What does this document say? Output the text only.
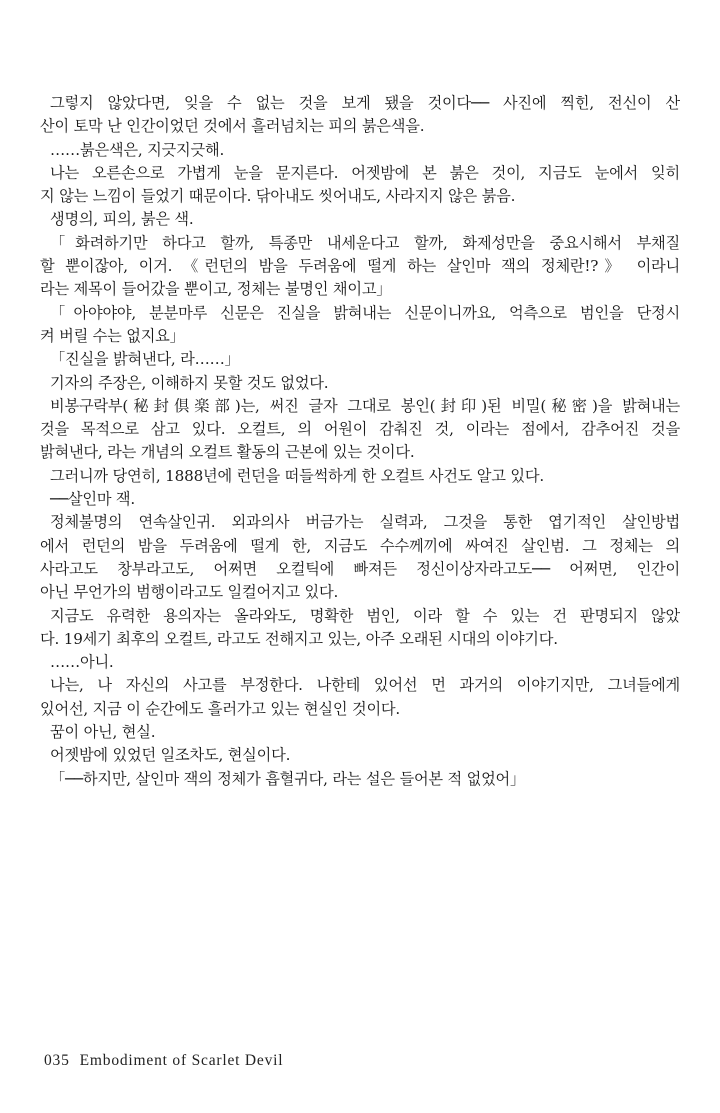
그렇지 않았다면, 잊을 수 없는 것을 보게 됐을 것이다── 사진에 찍힌, 전신이 산
산이 토막 난 인간이었던 것에서 흘러넘치는 피의 붉은색을.
……붉은색은, 지긋지긋해.
나는 오른손으로 가볍게 눈을 문지른다. 어젯밤에 본 붉은 것이, 지금도 눈에서 잊히
지 않는 느낌이 들었기 때문이다. 닦아내도 씻어내도, 사라지지 않은 붉음.
생명의, 피의, 붉은 색.
「화려하기만 하다고 할까, 특종만 내세운다고 할까, 화제성만을 중요시해서 부채질
할 뿐이잖아, 이거. 《런던의 밤을 두려움에 떨게 하는 살인마 잭의 정체란!?》 이라니
라는 제목이 들어갔을 뿐이고, 정체는 불명인 채이고」
「아야야야, 분분마루 신문은 진실을 밝혀내는 신문이니까요, 억측으로 범인을 단정시
켜 버릴 수는 없지요」
「진실을 밝혀낸다, 라……」
기자의 주장은, 이해하지 못할 것도 없었다.
비봉구락부(秘封倶楽部)는, 써진 글자 그대로 봉인(封印)된 비밀(秘密)을 밝혀내는
것을 목적으로 삼고 있다. 오컬트, 의 어원이 감춰진 것, 이라는 점에서, 감추어진 것을
밝혀낸다, 라는 개념의 오컬트 활동의 근본에 있는 것이다.
그러니까 당연히, 1888년에 런던을 떠들썩하게 한 오컬트 사건도 알고 있다.
──살인마 잭.
정체불명의 연속살인귀. 외과의사 버금가는 실력과, 그것을 통한 엽기적인 살인방법
에서 런던의 밤을 두려움에 떨게 한, 지금도 수수께끼에 싸여진 살인범. 그 정체는 의
사라고도 창부라고도, 어쩌면 오컬틱에 빠져든 정신이상자라고도── 어쩌면, 인간이
아닌 무언가의 범행이라고도 일컬어지고 있다.
지금도 유력한 용의자는 올라와도, 명확한 범인, 이라 할 수 있는 건 판명되지 않았
다. 19세기 최후의 오컬트, 라고도 전해지고 있는, 아주 오래된 시대의 이야기다.
……아니.
나는, 나 자신의 사고를 부정한다. 나한테 있어선 먼 과거의 이야기지만, 그녀들에게
있어선, 지금 이 순간에도 흘러가고 있는 현실인 것이다.
꿈이 아닌, 현실.
어젯밤에 있었던 일조차도, 현실이다.
「──하지만, 살인마 잭의 정체가 흡혈귀다, 라는 설은 들어본 적 없었어」
035 Embodiment of Scarlet Devil
